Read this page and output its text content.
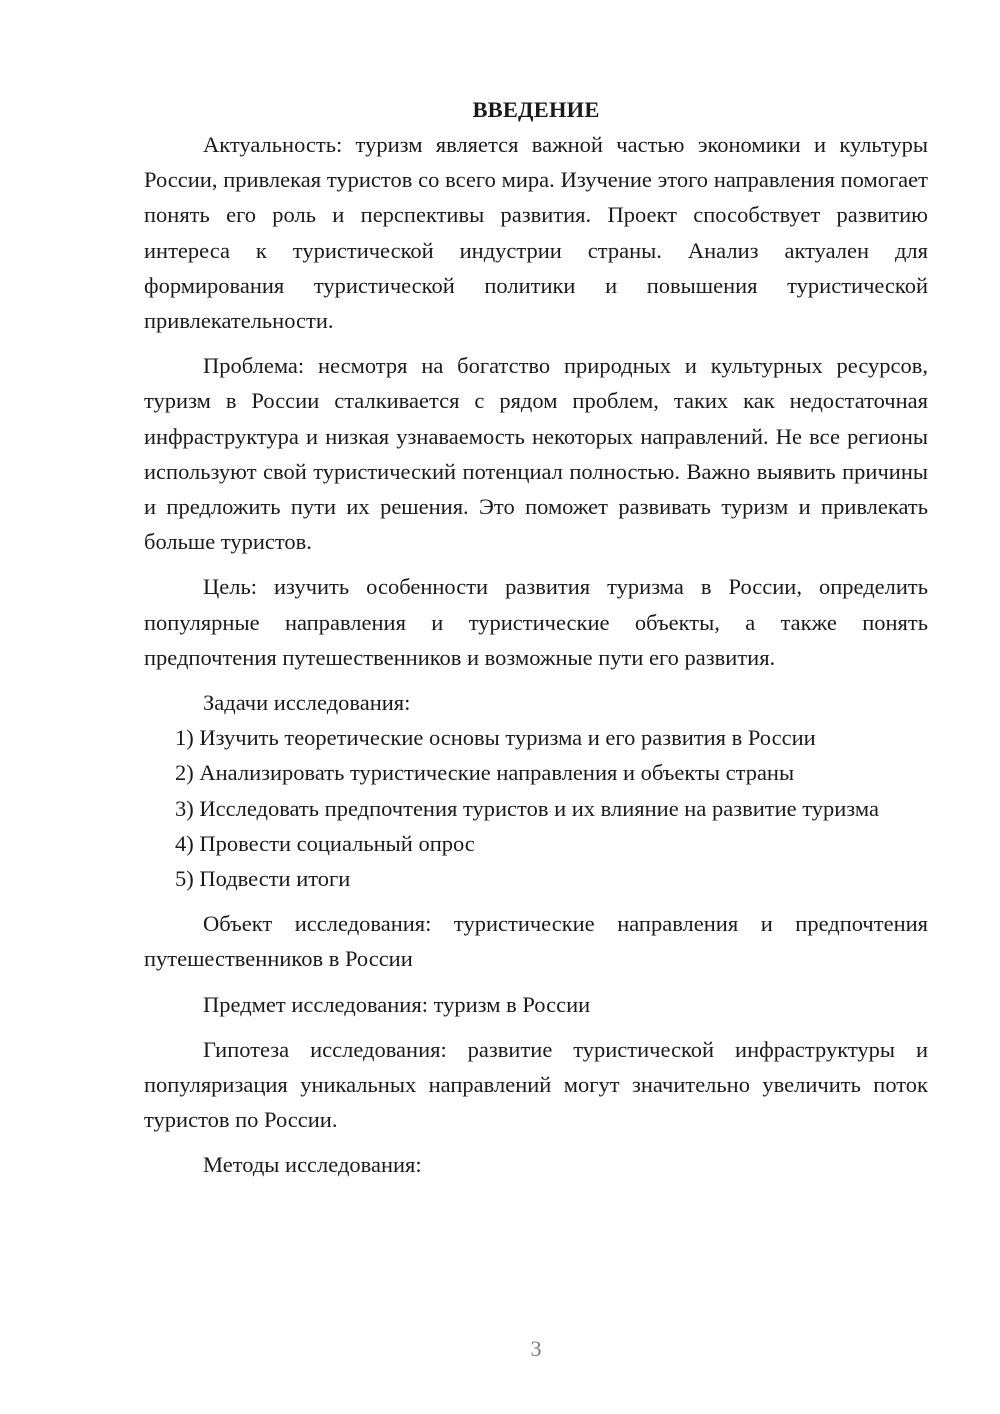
ВВЕДЕНИЕ

Актуальность: туризм является важной частью экономики и культуры России, привлекая туристов со всего мира. Изучение этого направления помогает понять его роль и перспективы развития. Проект способствует развитию интереса к туристической индустрии страны. Анализ актуален для формирования туристической политики и повышения туристической привлекательности.

Проблема: несмотря на богатство природных и культурных ресурсов, туризм в России сталкивается с рядом проблем, таких как недостаточная инфраструктура и низкая узнаваемость некоторых направлений. Не все регионы используют свой туристический потенциал полностью. Важно выявить причины и предложить пути их решения. Это поможет развивать туризм и привлекать больше туристов.

Цель: изучить особенности развития туризма в России, определить популярные направления и туристические объекты, а также понять предпочтения путешественников и возможные пути его развития.

Задачи исследования:

1) Изучить теоретические основы туризма и его развития в России

2) Анализировать туристические направления и объекты страны

3) Исследовать предпочтения туристов и их влияние на развитие туризма

4) Провести социальный опрос

5) Подвести итоги

Объект исследования: туристические направления и предпочтения путешественников в России

Предмет исследования: туризм в России

Гипотеза исследования: развитие туристической инфраструктуры и популяризация уникальных направлений могут значительно увеличить поток туристов по России.

Методы исследования:

3
